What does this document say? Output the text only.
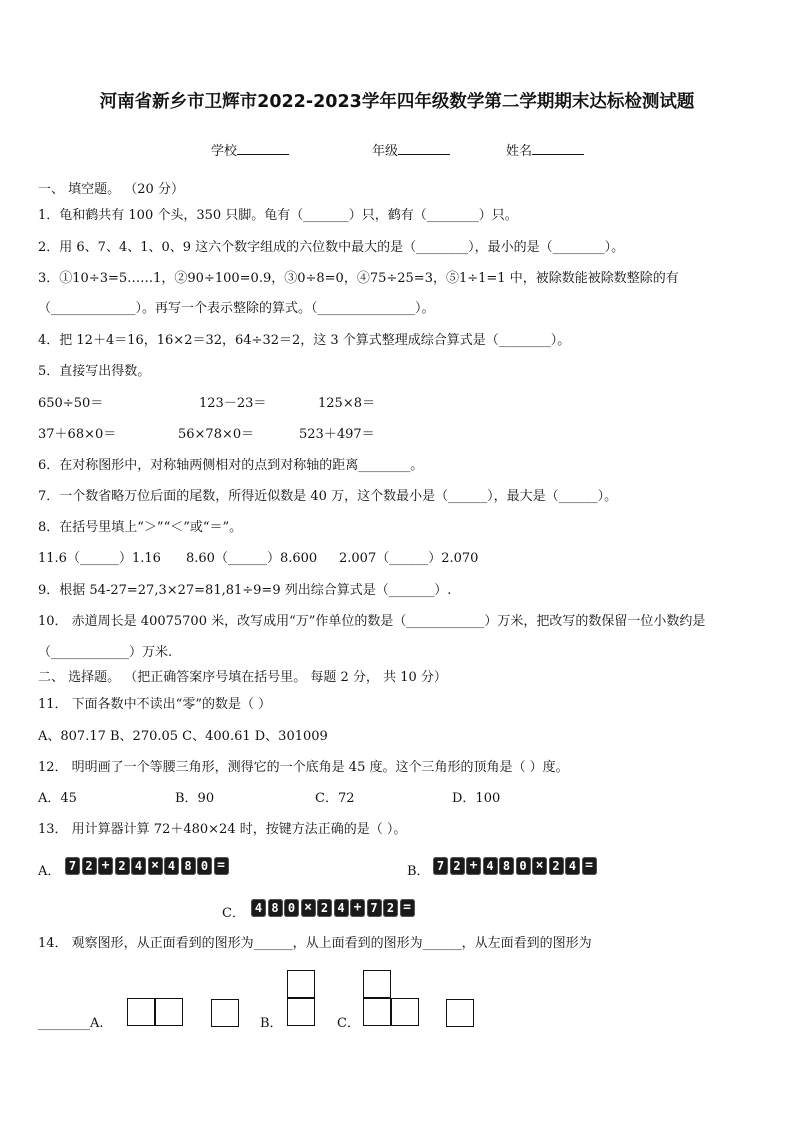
河南省新乡市卫辉市2022-2023学年四年级数学第二学期期末达标检测试题
学校	年级	姓名
一、 填空题。 （20 分）
1．龟和鹤共有 100 个头，350 只脚。龟有（_______）只，鹤有（________）只。
2．用 6、7、4、1、0、9 这六个数字组成的六位数中最大的是（________），最小的是（________）。
3．①10÷3=5……1，②90÷100=0.9，③0÷8=0，④75÷25=3，⑤1÷1=1 中，被除数能被除数整除的有
（_____________）。再写一个表示整除的算式。（_______________）。
4．把 12＋4＝16，16×2＝32，64÷32＝2，这 3 个算式整理成综合算式是（________）。
5．直接写出得数。
650÷50＝	123－23＝	125×8＝
37＋68×0＝	56×78×0＝	523＋497＝
6．在对称图形中，对称轴两侧相对的点到对称轴的距离________。
7．一个数省略万位后面的尾数，所得近似数是 40 万，这个数最小是（______），最大是（______）。
8．在括号里填上“＞”“＜”或“＝”。
11.6（______）1.16 8.60（______）8.600 2.007（______）2.070
9．根据 54-27=27,3×27=81,81÷9=9 列出综合算式是（_______）.
10． 赤道周长是 40075700 米，改写成用“万”作单位的数是（____________）万米，把改写的数保留一位小数约是
（____________）万米.
二、 选择题。 （把正确答案序号填在括号里。 每题 2 分， 共 10 分）
11． 下面各数中不读出“零”的数是（ ）
A、807.17 B、270.05 C、400.61 D、301009
12． 明明画了一个等腰三角形，测得它的一个底角是 45 度。这个三角形的顶角是（ ）度。
A．45	B．90	C．72	D．100
13． 用计算器计算 72＋480×24 时，按键方法正确的是（ ）。
A． 7 2 + 2 4 × 4 8 0 =	B． 7 2 + 4 8 0 × 2 4 =
C． 4 8 0 × 2 4 + 7 2 =
14． 观察图形，从正面看到的图形为______，从上面看到的图形为______，从左面看到的图形为
________A.	B．	C．
